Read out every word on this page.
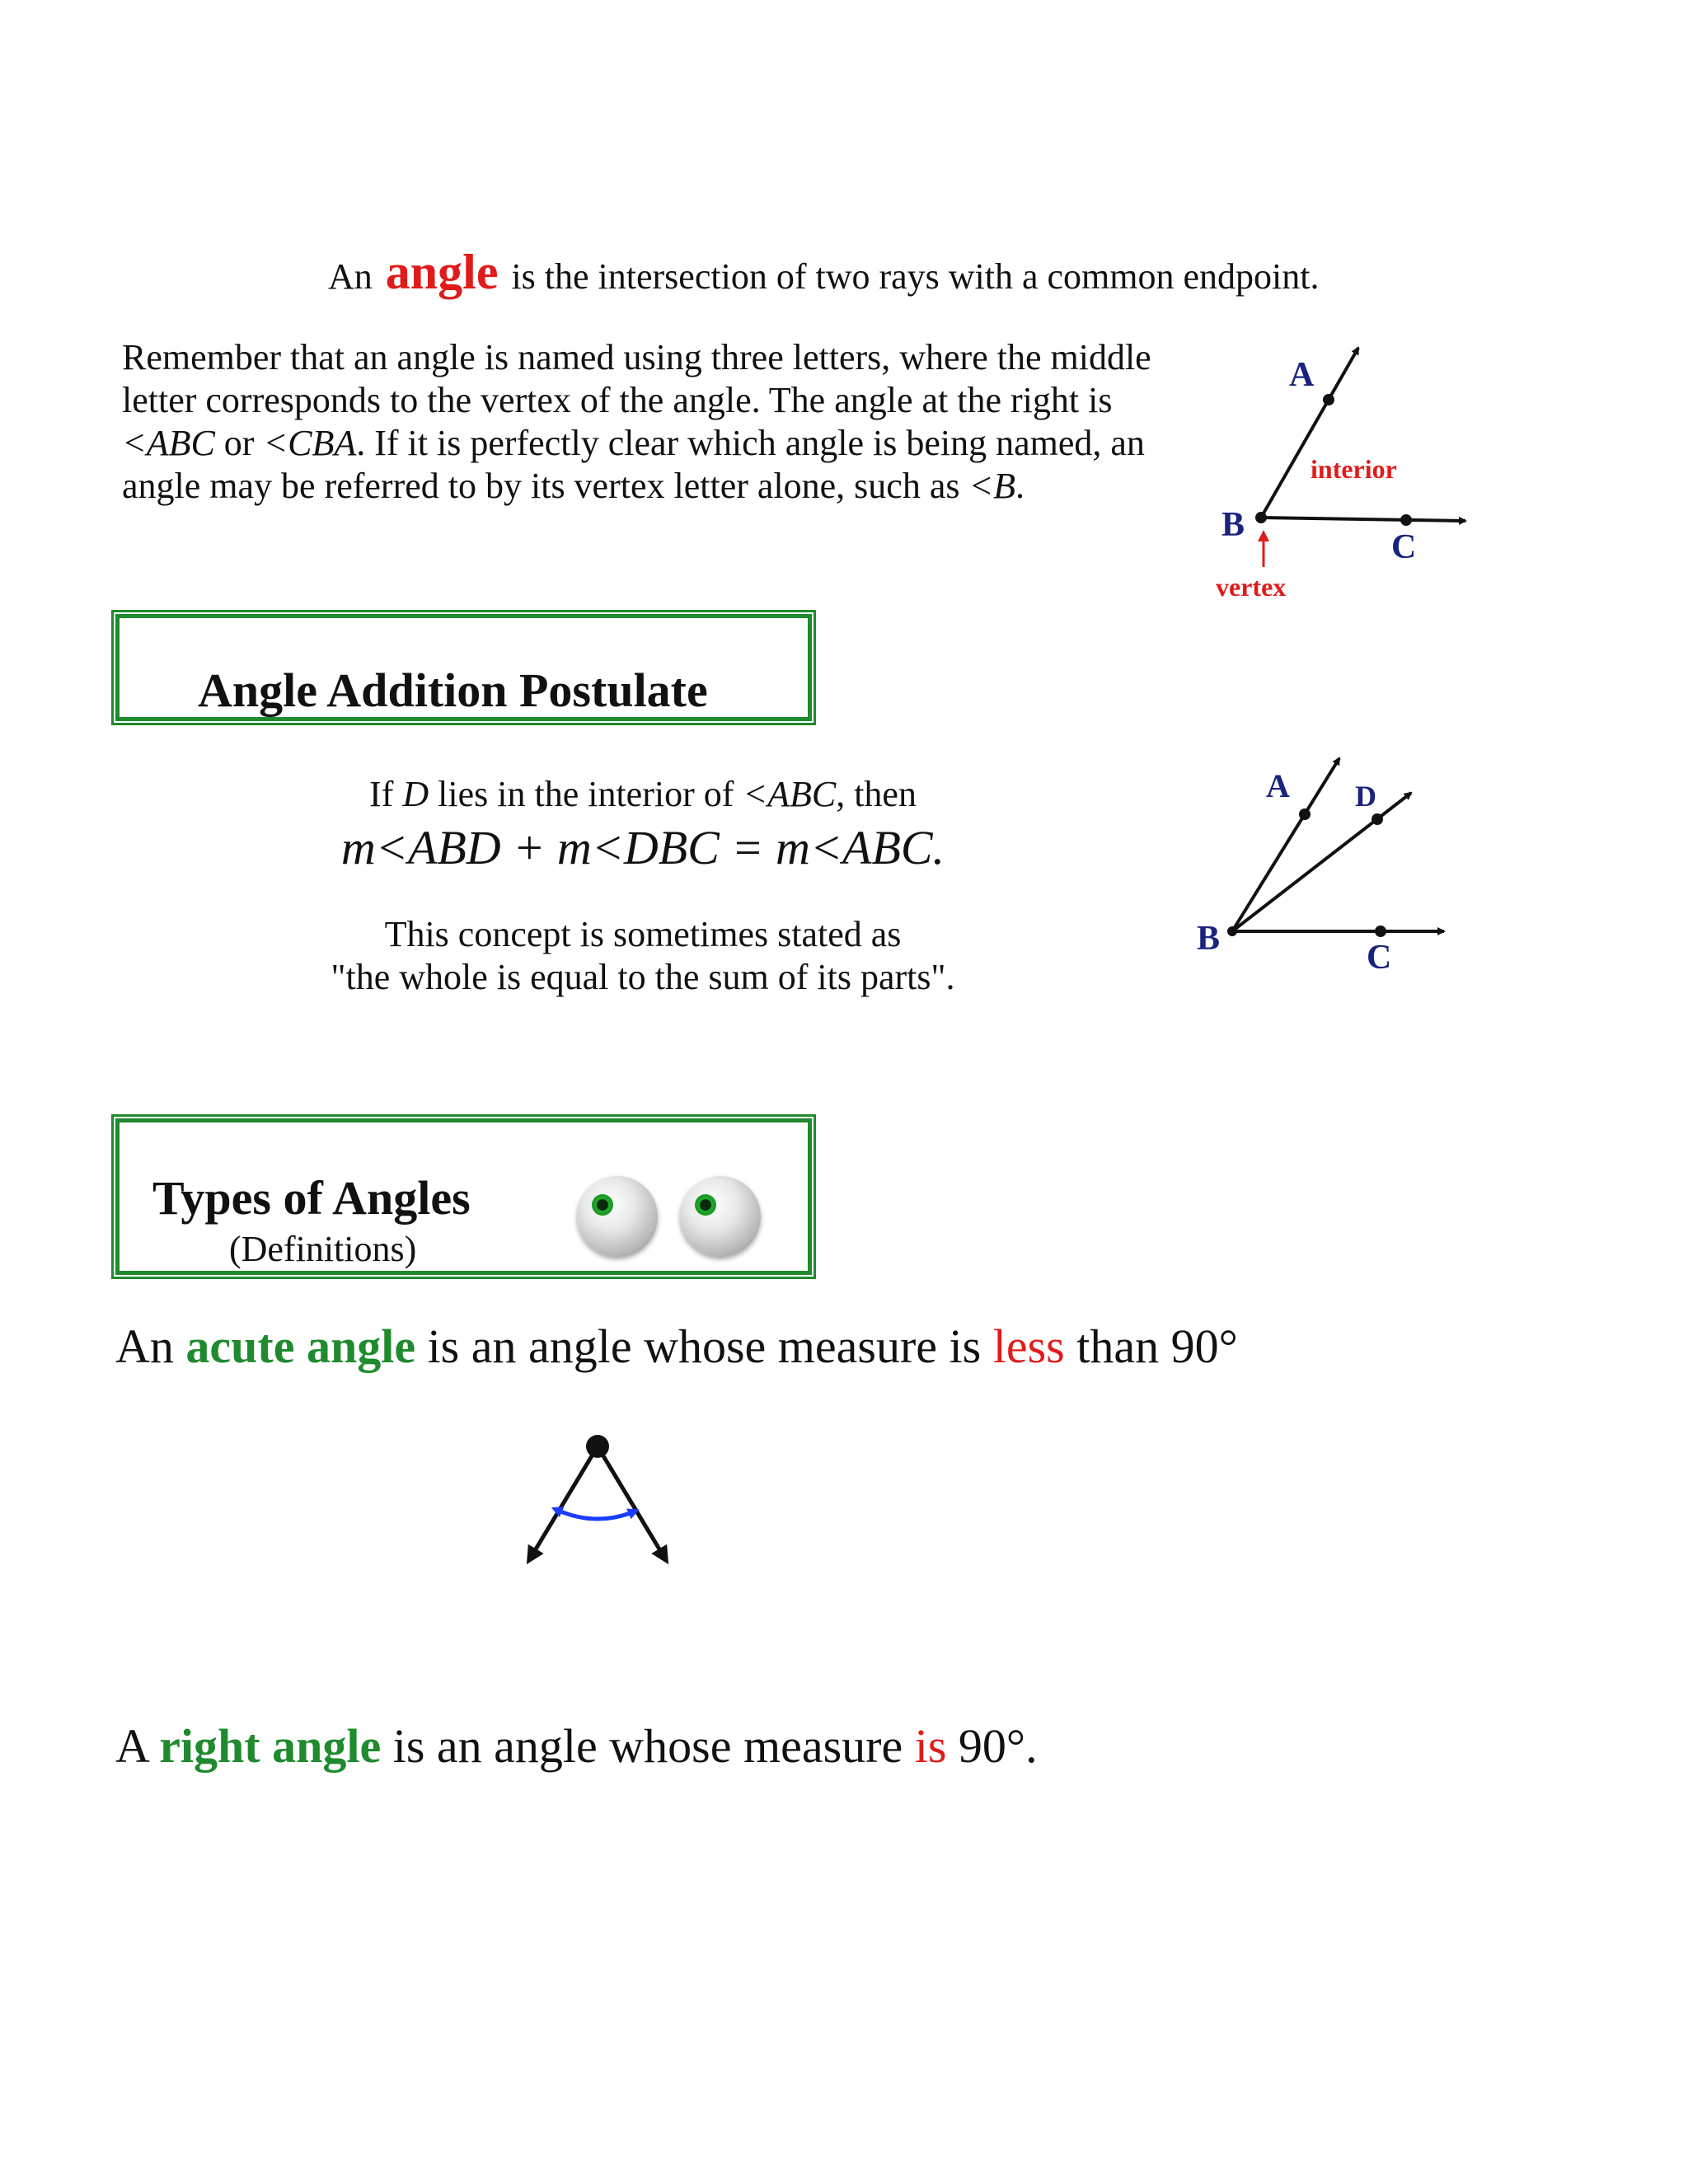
An angle is the intersection of two rays with a common endpoint.
Remember that an angle is named using three letters, where the middle letter corresponds to the vertex of the angle. The angle at the right is <ABC or <CBA. If it is perfectly clear which angle is being named, an angle may be referred to by its vertex letter alone, such as <B.
A
B
C
interior
vertex
Angle Addition Postulate
If D lies in the interior of <ABC, then
m<ABD + m<DBC = m<ABC.
This concept is sometimes stated as
"the whole is equal to the sum of its parts".
A D
B	C
Types of Angles
(Definitions)
An acute angle is an angle whose measure is less than 90°
A right angle is an angle whose measure is 90°.
